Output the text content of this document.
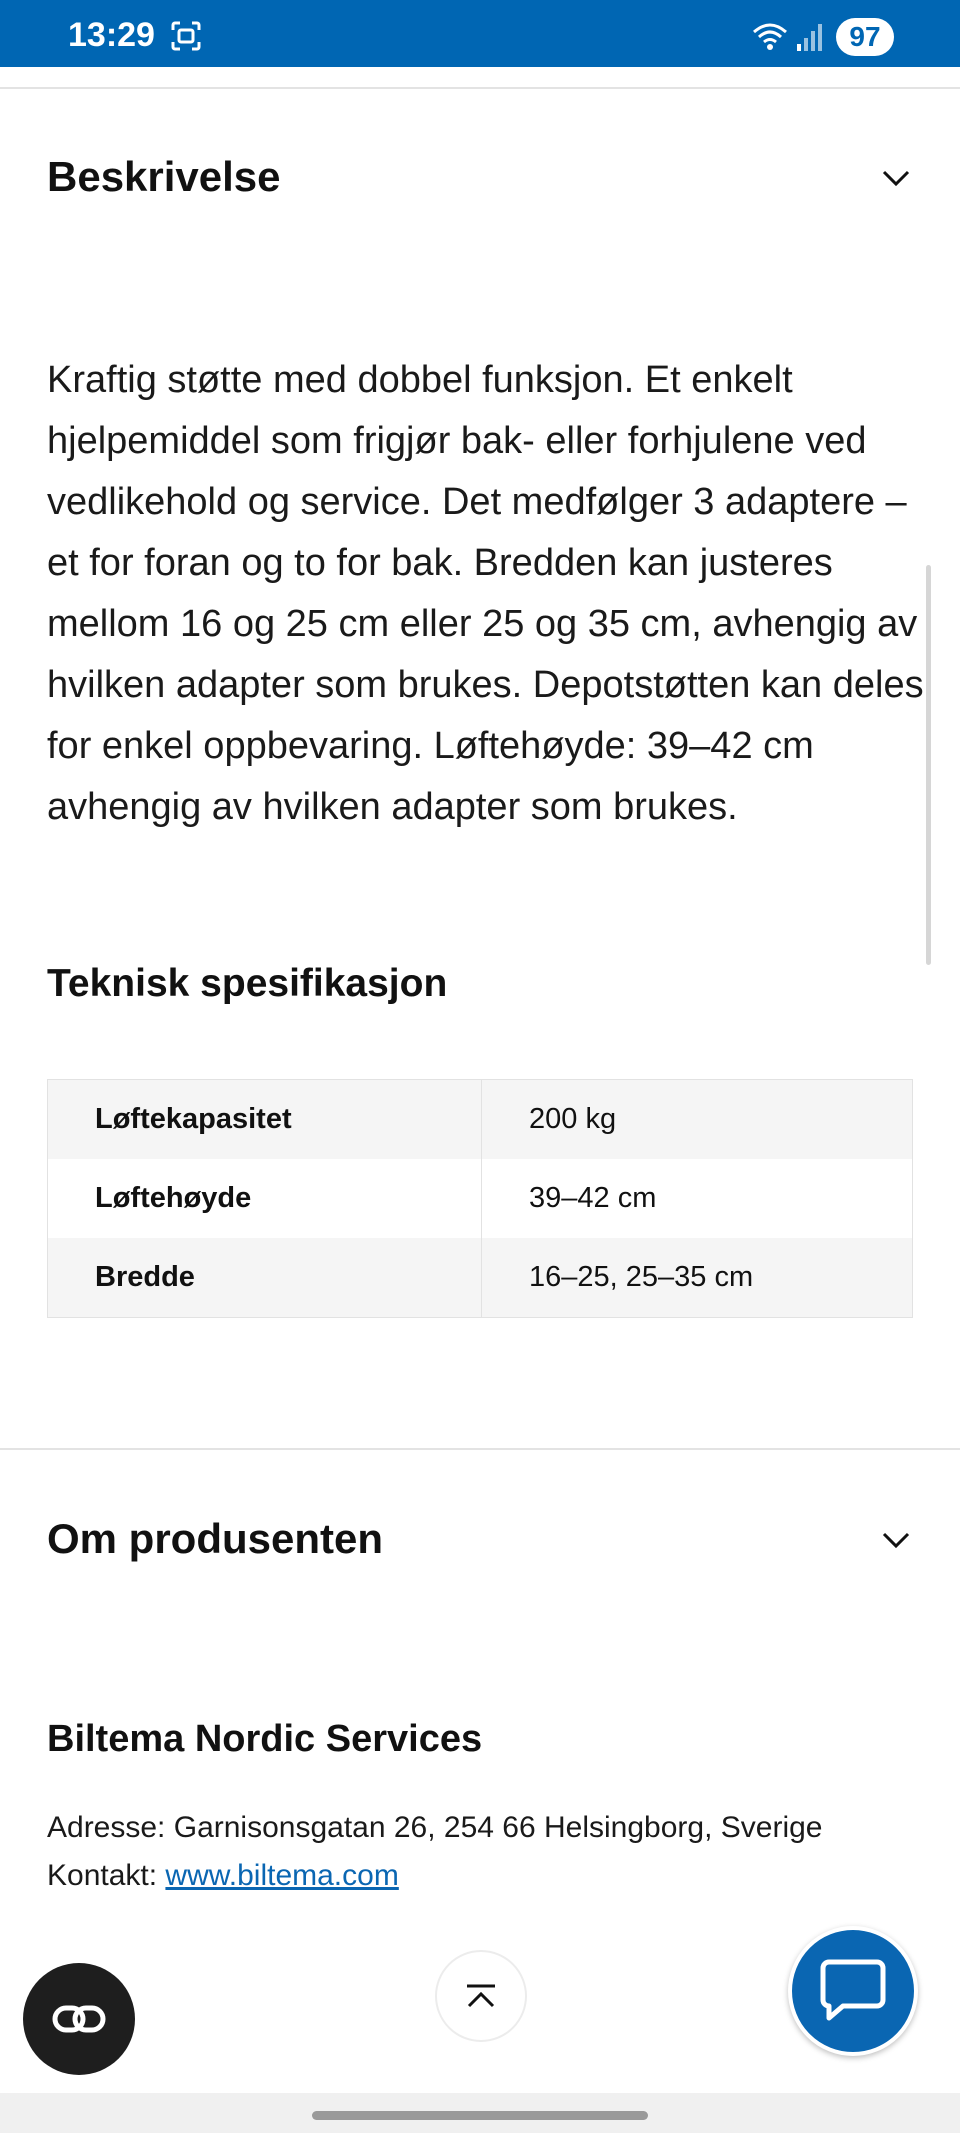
13:29	97
Beskrivelse
Kraftig støtte med dobbel funksjon. Et enkelt hjelpemiddel som frigjør bak- eller forhjulene ved vedlikehold og service. Det medfølger 3 adaptere – et for foran og to for bak. Bredden kan justeres mellom 16 og 25 cm eller 25 og 35 cm, avhengig av hvilken adapter som brukes. Depotstøtten kan deles for enkel oppbevaring. Løftehøyde: 39–42 cm avhengig av hvilken adapter som brukes.
Teknisk spesifikasjon
Løftekapasitet	200 kg
Løftehøyde	39–42 cm
Bredde	16–25, 25–35 cm
Om produsenten
Biltema Nordic Services
Adresse: Garnisonsgatan 26, 254 66 Helsingborg, Sverige
Kontakt: www.biltema.com
